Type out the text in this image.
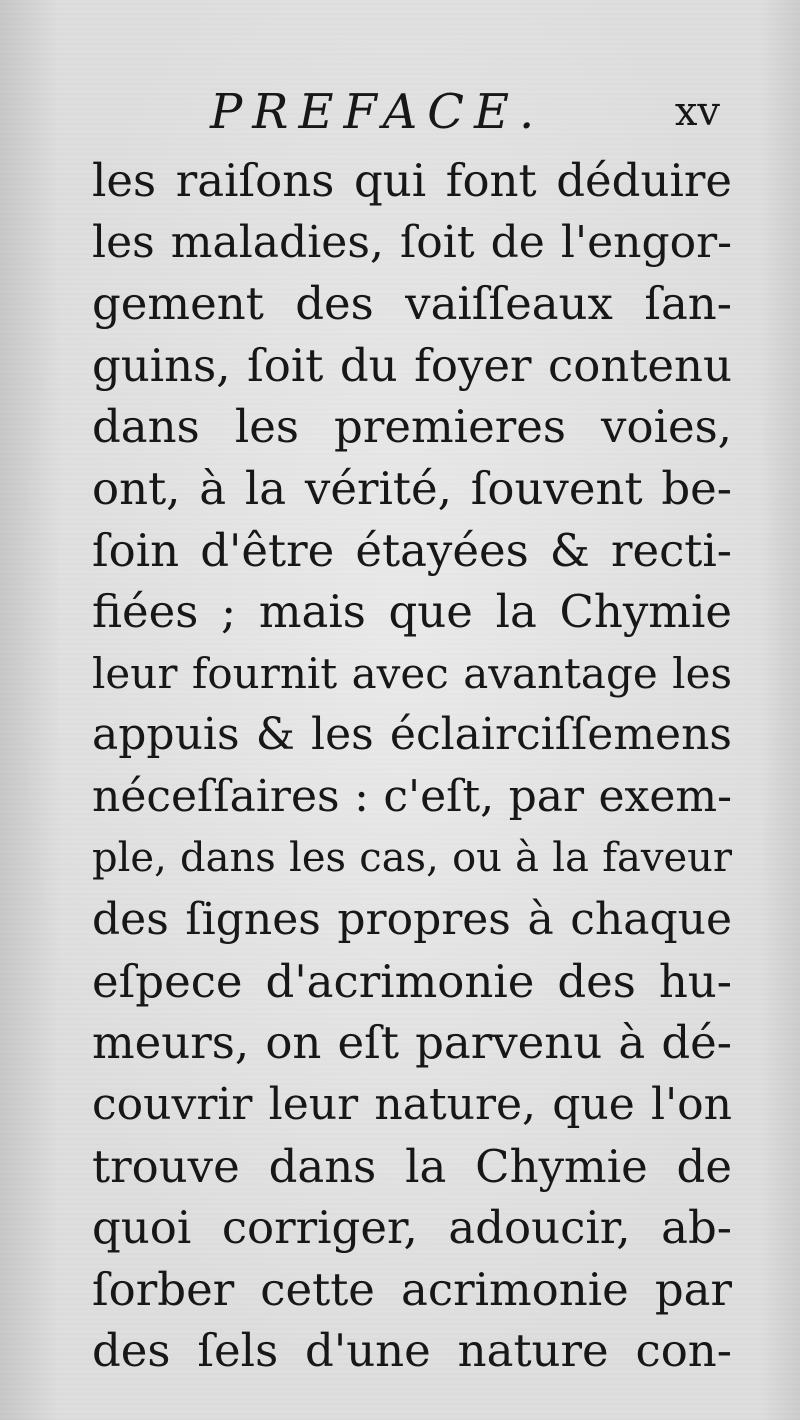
PREFACE.	xv
les raiſons qui font déduire
les maladies, ſoit de l'engor-
gement des vaiſſeaux ſan-
guins, ſoit du foyer contenu
dans les premieres voies,
ont, à la vérité, ſouvent be-
ſoin d'être étayées & recti-
fiées ; mais que la Chymie
leur fournit avec avantage les
appuis & les éclairciſſemens
néceſſaires : c'eſt, par exem-
ple, dans les cas, ou à la faveur
des ſignes propres à chaque
eſpece d'acrimonie des hu-
meurs, on eſt parvenu à dé-
couvrir leur nature, que l'on
trouve dans la Chymie de
quoi corriger, adoucir, ab-
ſorber cette acrimonie par
des ſels d'une nature con-
